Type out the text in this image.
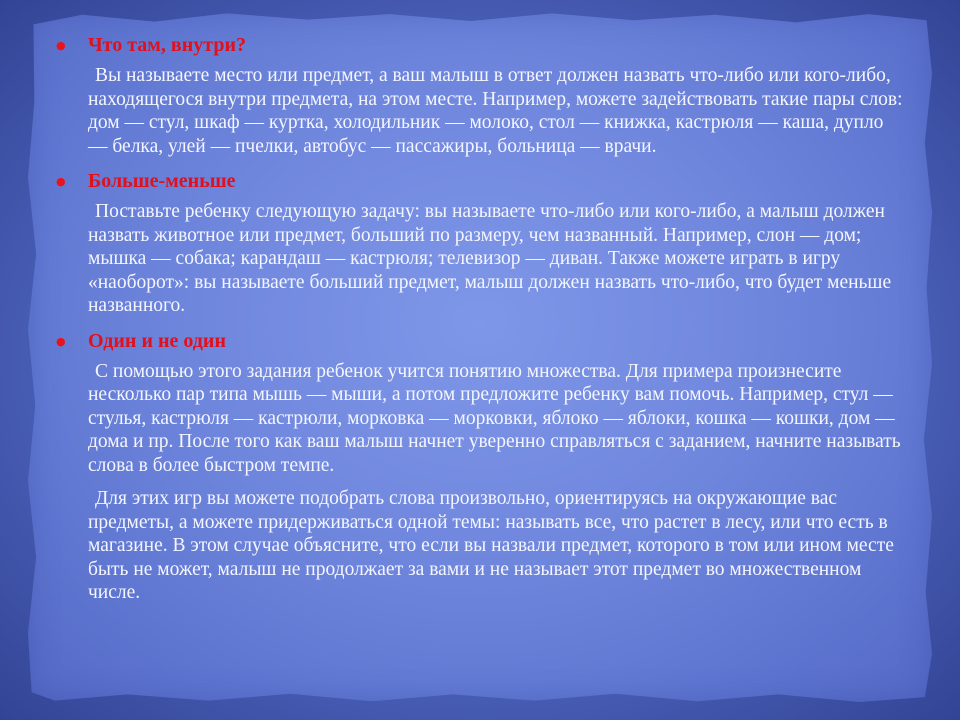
●	Что там, внутри?

Вы называете место или предмет, а ваш малыш в ответ должен назвать что-либо или кого-либо, находящегося внутри предмета, на этом месте. Например, можете задействовать такие пары слов: дом — стул, шкаф — куртка, холодильник — молоко, стол — книжка, кастрюля — каша, дупло — белка, улей — пчелки, автобус — пассажиры, больница — врачи.

●	Больше-меньше

Поставьте ребенку следующую задачу: вы называете что-либо или кого-либо, а малыш должен назвать животное или предмет, больший по размеру, чем названный. Например, слон — дом; мышка — собака; карандаш — кастрюля; телевизор — диван. Также можете играть в игру «наоборот»: вы называете больший предмет, малыш должен назвать что-либо, что будет меньше названного.

●	Один и не один

С помощью этого задания ребенок учится понятию множества. Для примера произнесите несколько пар типа мышь — мыши, а потом предложите ребенку вам помочь. Например, стул — стулья, кастрюля — кастрюли, морковка — морковки, яблоко — яблоки, кошка — кошки, дом — дома и пр. После того как ваш малыш начнет уверенно справляться с заданием, начните называть слова в более быстром темпе.

Для этих игр вы можете подобрать слова произвольно, ориентируясь на окружающие вас предметы, а можете придерживаться одной темы: называть все, что растет в лесу, или что есть в магазине. В этом случае объясните, что если вы назвали предмет, которого в том или ином месте быть не может, малыш не продолжает за вами и не называет этот предмет во множественном числе.
